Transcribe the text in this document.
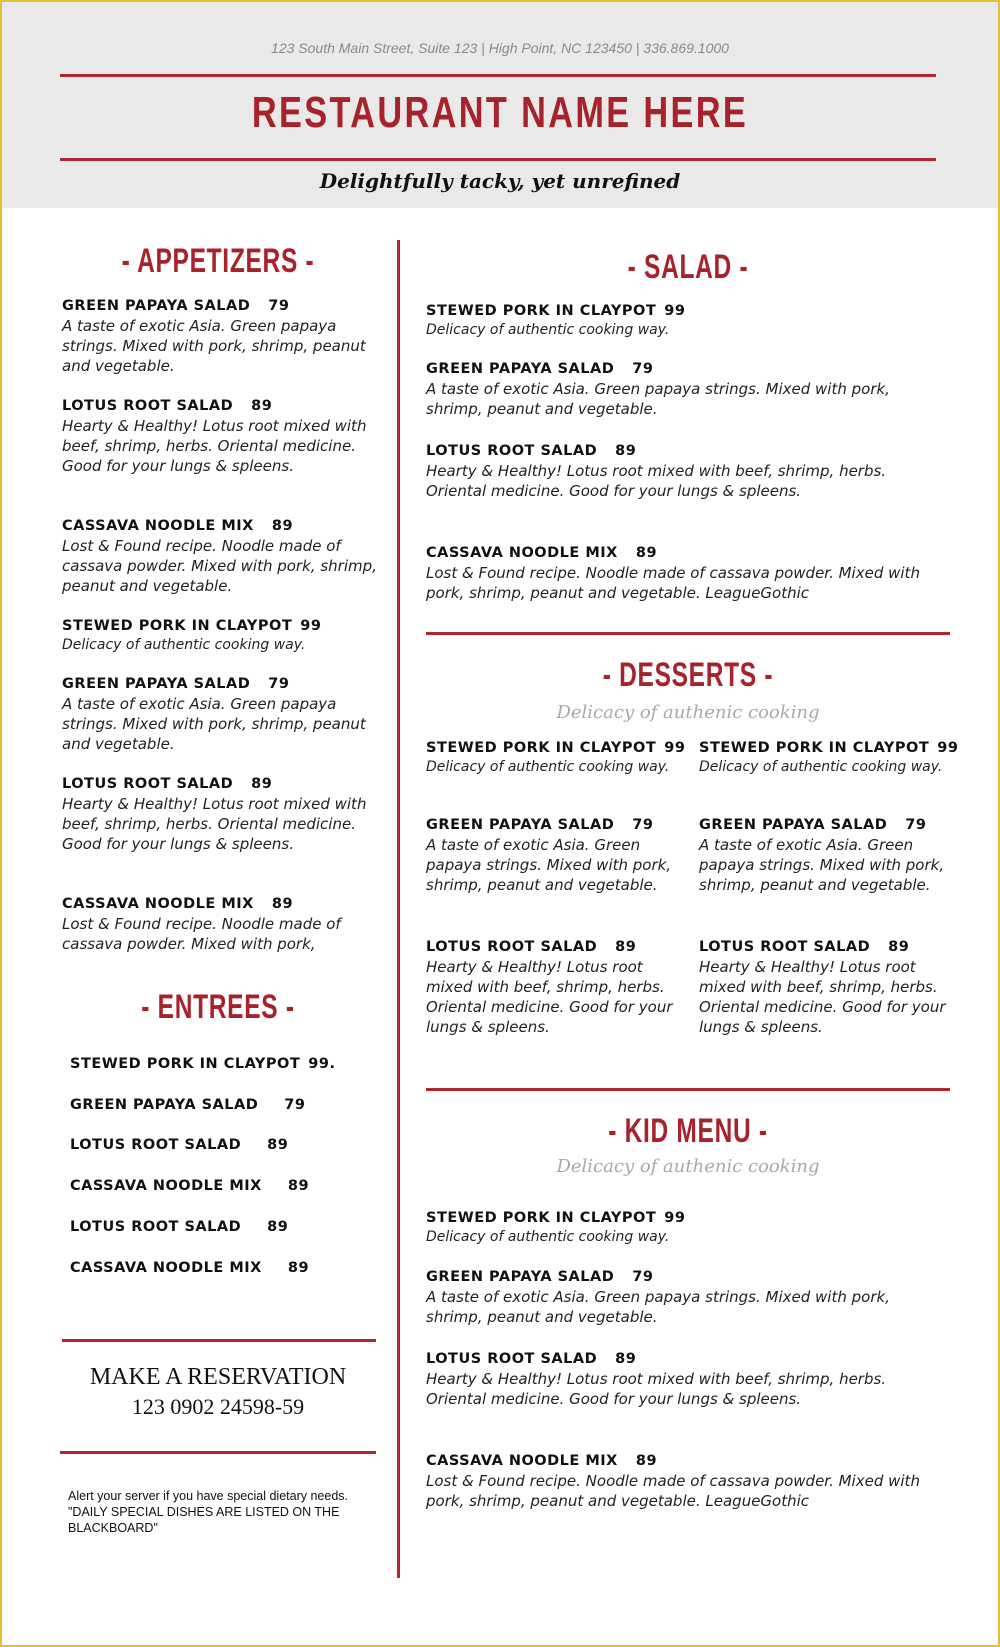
123 South Main Street, Suite 123 | High Point, NC 123450 | 336.869.1000
RESTAURANT NAME HERE
Delightfully tacky, yet unrefined
- APPETIZERS -
GREEN PAPAYA SALAD 79
A taste of exotic Asia. Green papaya strings. Mixed with pork, shrimp, peanut and vegetable.
LOTUS ROOT SALAD 89
Hearty & Healthy! Lotus root mixed with beef, shrimp, herbs. Oriental medicine. Good for your lungs & spleens.
CASSAVA NOODLE MIX 89
Lost & Found recipe. Noodle made of cassava powder. Mixed with pork, shrimp, peanut and vegetable.
STEWED PORK IN CLAYPOT 99
Delicacy of authentic cooking way.
GREEN PAPAYA SALAD 79
A taste of exotic Asia. Green papaya strings. Mixed with pork, shrimp, peanut and vegetable.
LOTUS ROOT SALAD 89
Hearty & Healthy! Lotus root mixed with beef, shrimp, herbs. Oriental medicine. Good for your lungs & spleens.
CASSAVA NOODLE MIX 89
Lost & Found recipe. Noodle made of cassava powder. Mixed with pork,
- ENTREES -
STEWED PORK IN CLAYPOT 99.
GREEN PAPAYA SALAD 79
LOTUS ROOT SALAD 89
CASSAVA NOODLE MIX 89
LOTUS ROOT SALAD 89
CASSAVA NOODLE MIX 89
MAKE A RESERVATION
123 0902 24598-59
Alert your server if you have special dietary needs.
"DAILY SPECIAL DISHES ARE LISTED ON THE BLACKBOARD"
- SALAD -
STEWED PORK IN CLAYPOT 99
Delicacy of authentic cooking way.
GREEN PAPAYA SALAD 79
A taste of exotic Asia. Green papaya strings. Mixed with pork, shrimp, peanut and vegetable.
LOTUS ROOT SALAD 89
Hearty & Healthy! Lotus root mixed with beef, shrimp, herbs. Oriental medicine. Good for your lungs & spleens.
CASSAVA NOODLE MIX 89
Lost & Found recipe. Noodle made of cassava powder. Mixed with pork, shrimp, peanut and vegetable. LeagueGothic
- DESSERTS -
Delicacy of authenic cooking
STEWED PORK IN CLAYPOT 99
Delicacy of authentic cooking way.
GREEN PAPAYA SALAD 79
A taste of exotic Asia. Green papaya strings. Mixed with pork, shrimp, peanut and vegetable.
LOTUS ROOT SALAD 89
Hearty & Healthy! Lotus root mixed with beef, shrimp, herbs. Oriental medicine. Good for your lungs & spleens.
STEWED PORK IN CLAYPOT 99
Delicacy of authentic cooking way.
GREEN PAPAYA SALAD 79
A taste of exotic Asia. Green papaya strings. Mixed with pork, shrimp, peanut and vegetable.
LOTUS ROOT SALAD 89
Hearty & Healthy! Lotus root mixed with beef, shrimp, herbs. Oriental medicine. Good for your lungs & spleens.
- KID MENU -
Delicacy of authenic cooking
STEWED PORK IN CLAYPOT 99
Delicacy of authentic cooking way.
GREEN PAPAYA SALAD 79
A taste of exotic Asia. Green papaya strings. Mixed with pork, shrimp, peanut and vegetable.
LOTUS ROOT SALAD 89
Hearty & Healthy! Lotus root mixed with beef, shrimp, herbs. Oriental medicine. Good for your lungs & spleens.
CASSAVA NOODLE MIX 89
Lost & Found recipe. Noodle made of cassava powder. Mixed with pork, shrimp, peanut and vegetable. LeagueGothic
